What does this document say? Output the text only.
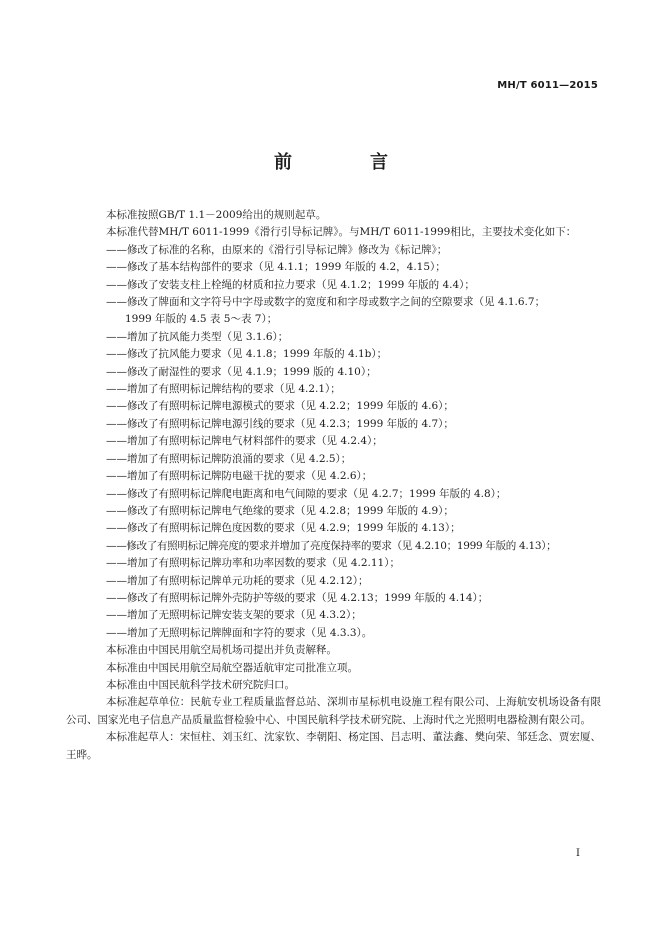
MH/T 6011—2015
前　言
本标准按照GB/T 1.1－2009给出的规则起草。
本标准代替MH/T 6011-1999《滑行引导标记牌》。与MH/T 6011-1999相比，主要技术变化如下：
——修改了标准的名称，由原来的《滑行引导标记牌》修改为《标记牌》；
——修改了基本结构部件的要求（见 4.1.1；1999 年版的 4.2，4.15）；
——修改了安装支柱上栓绳的材质和拉力要求（见 4.1.2；1999 年版的 4.4）；
——修改了牌面和文字符号中字母或数字的宽度和和字母或数字之间的空隙要求（见 4.1.6.7；
1999 年版的 4.5 表 5～表 7）；
——增加了抗风能力类型（见 3.1.6）；
——修改了抗风能力要求（见 4.1.8；1999 年版的 4.1b）；
——修改了耐湿性的要求（见 4.1.9；1999 版的 4.10）；
——增加了有照明标记牌结构的要求（见 4.2.1）；
——修改了有照明标记牌电源模式的要求（见 4.2.2；1999 年版的 4.6）；
——修改了有照明标记牌电源引线的要求（见 4.2.3；1999 年版的 4.7）；
——增加了有照明标记牌电气材料部件的要求（见 4.2.4）；
——增加了有照明标记牌防浪涌的要求（见 4.2.5）；
——增加了有照明标记牌防电磁干扰的要求（见 4.2.6）；
——修改了有照明标记牌爬电距离和电气间隙的要求（见 4.2.7；1999 年版的 4.8）；
——修改了有照明标记牌电气绝缘的要求（见 4.2.8；1999 年版的 4.9）；
——修改了有照明标记牌色度因数的要求（见 4.2.9；1999 年版的 4.13）；
——修改了有照明标记牌亮度的要求并增加了亮度保持率的要求（见 4.2.10；1999 年版的 4.13）；
——增加了有照明标记牌功率和功率因数的要求（见 4.2.11）；
——增加了有照明标记牌单元功耗的要求（见 4.2.12）；
——修改了有照明标记牌外壳防护等级的要求（见 4.2.13；1999 年版的 4.14）；
——增加了无照明标记牌安装支架的要求（见 4.3.2）；
——增加了无照明标记牌牌面和字符的要求（见 4.3.3）。
本标准由中国民用航空局机场司提出并负责解释。
本标准由中国民用航空局航空器适航审定司批准立项。
本标准由中国民航科学技术研究院归口。
本标准起草单位：民航专业工程质量监督总站、深圳市星标机电设施工程有限公司、上海航安机场设备有限公司、国家光电子信息产品质量监督检验中心、中国民航科学技术研究院、上海时代之光照明电器检测有限公司。
本标准起草人：宋恒柱、刘玉红、沈家钦、李朝阳、杨定国、吕志明、董法鑫、樊向荣、邹廷念、贾宏厦、王晔。
I
